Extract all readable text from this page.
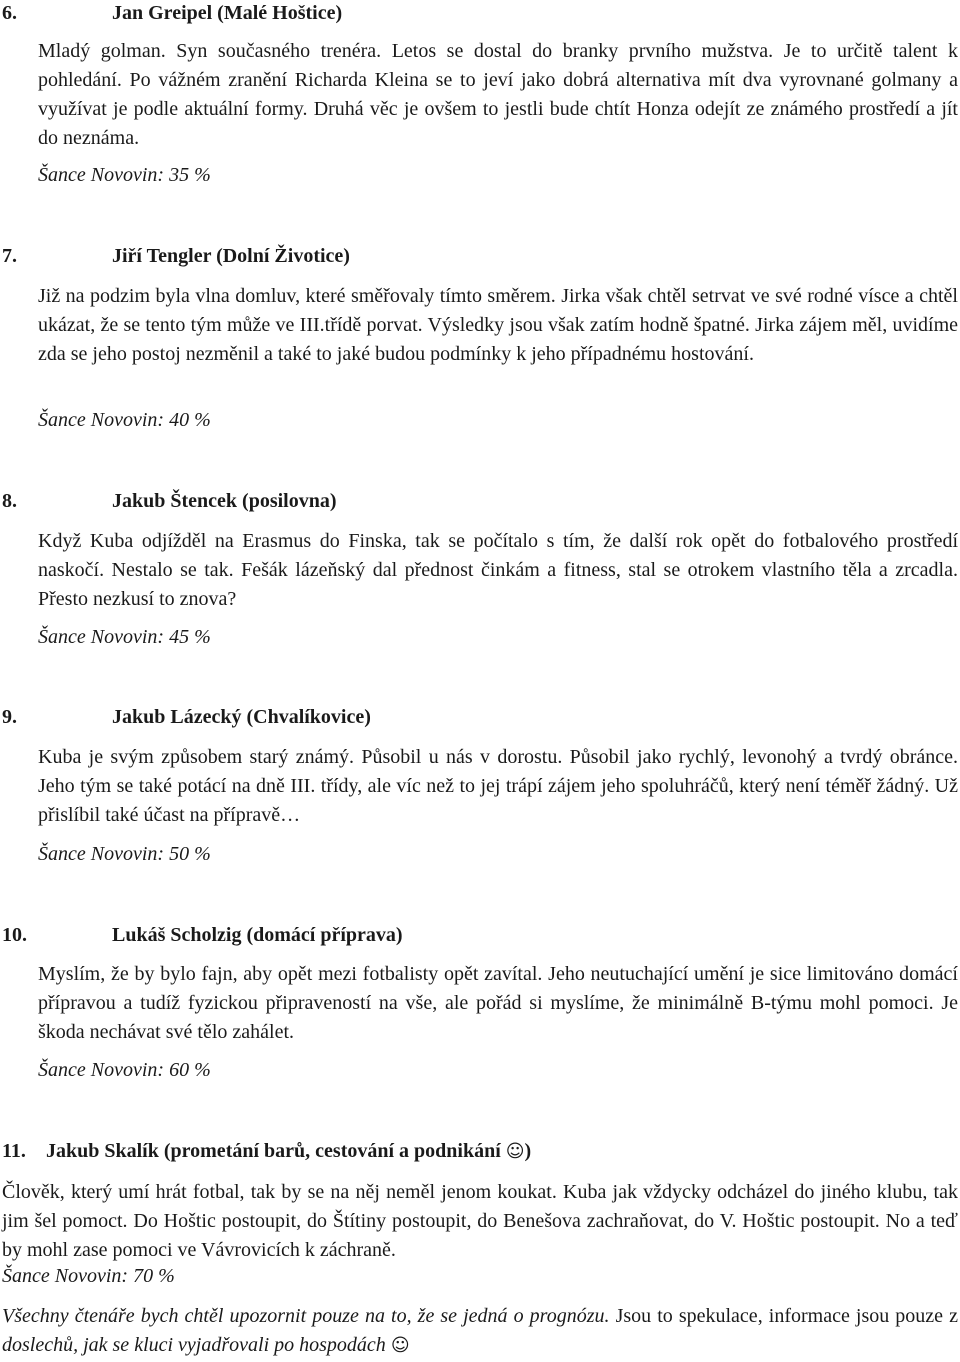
6.	Jan Greipel (Malé Hoštice)
Mladý golman. Syn současného trenéra. Letos se dostal do branky prvního mužstva. Je to určitě talent k pohledání. Po vážném zranění Richarda Kleina se to jeví jako dobrá alternativa mít dva vyrovnané golmany a využívat je podle aktuální formy. Druhá věc je ovšem to jestli bude chtít Honza odejít ze známého prostředí a jít do neznáma.
Šance Novovin: 35 %
7.	Jiří Tengler (Dolní Životice)
Již na podzim byla vlna domluv, které směřovaly tímto směrem. Jirka však chtěl setrvat ve své rodné vísce a chtěl ukázat, že se tento tým může ve III.třídě porvat. Výsledky jsou však zatím hodně špatné. Jirka zájem měl, uvidíme zda se jeho postoj nezměnil a také to jaké budou podmínky k jeho případnému hostování.
Šance Novovin: 40 %
8.	Jakub Štencek (posilovna)
Když Kuba odjížděl na Erasmus do Finska, tak se počítalo s tím, že další rok opět do fotbalového prostředí naskočí. Nestalo se tak. Fešák lázeňský dal přednost činkám a fitness, stal se otrokem vlastního těla a zrcadla. Přesto nezkusí to znova?
Šance Novovin: 45 %
9.	Jakub Lázecký (Chvalíkovice)
Kuba je svým způsobem starý známý. Působil u nás v dorostu. Působil jako rychlý, levonohý a tvrdý obránce. Jeho tým se také potácí na dně III. třídy, ale víc než to jej trápí zájem jeho spoluhráčů, který není téměř žádný. Už přislíbil také účast na přípravě…
Šance Novovin: 50 %
10.	Lukáš Scholzig (domácí příprava)
Myslím, že by bylo fajn, aby opět mezi fotbalisty opět zavítal. Jeho neutuchající umění je sice limitováno domácí přípravou a tudíž fyzickou připraveností na vše, ale pořád si myslíme, že minimálně B-týmu mohl pomoci. Je škoda nechávat své tělo zahálet.
Šance Novovin: 60 %
11. Jakub Skalík (prometání barů, cestování a podnikání ☺)
Člověk, který umí hrát fotbal, tak by se na něj neměl jenom koukat. Kuba jak vždycky odcházel do jiného klubu, tak jim šel pomoct. Do Hoštic postoupit, do Štítiny postoupit, do Benešova zachraňovat, do V. Hoštic postoupit. No a teď by mohl zase pomoci ve Vávrovicích k záchraně.
Šance Novovin: 70 %
Všechny čtenáře bych chtěl upozornit pouze na to, že se jedná o prognózu. Jsou to spekulace, informace jsou pouze z doslechů, jak se kluci vyjadřovali po hospodách ☺
